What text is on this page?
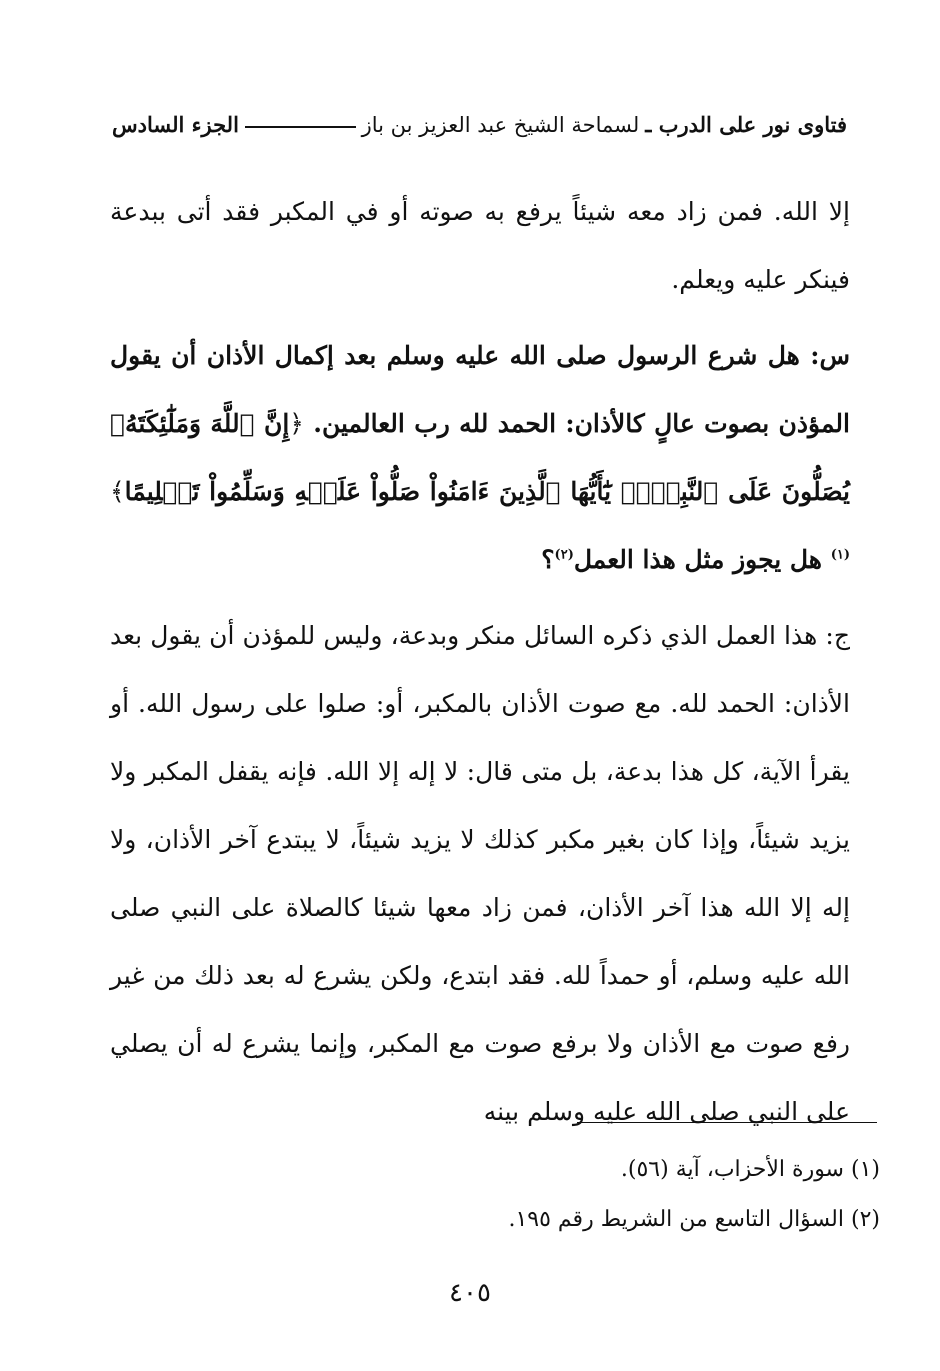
فتاوى نور على الدرب ـ
لسماحة الشيخ عبد العزيز بن باز
الجزء السادس

إلا الله. فمن زاد معه شيئاً يرفع به صوته أو في المكبر فقد أتى ببدعة فينكر عليه ويعلم.

س: هل شرع الرسول صلى الله عليه وسلم بعد إكمال الأذان أن يقول المؤذن بصوت عالٍ كالأذان: الحمد لله رب العالمين. ﴿إِنَّ ٱللَّهَ وَمَلَٰٓئِكَتَهُۥ يُصَلُّونَ عَلَى ٱلنَّبِيِّۚ يَٰٓأَيُّهَا ٱلَّذِينَ ءَامَنُواْ صَلُّواْ عَلَيۡهِ وَسَلِّمُواْ تَسۡلِيمًا﴾$^{(١)}$ هل يجوز مثل هذا العمل$^{(٢)}$؟

ج: هذا العمل الذي ذكره السائل منكر وبدعة، وليس للمؤذن أن يقول بعد الأذان: الحمد لله. مع صوت الأذان بالمكبر، أو: صلوا على رسول الله. أو يقرأ الآية، كل هذا بدعة، بل متى قال: لا إله إلا الله. فإنه يقفل المكبر ولا يزيد شيئاً، وإذا كان بغير مكبر كذلك لا يزيد شيئاً، لا يبتدع آخر الأذان، ولا إله إلا الله هذا آخر الأذان، فمن زاد معها شيئا كالصلاة على النبي صلى الله عليه وسلم، أو حمداً لله. فقد ابتدع، ولكن يشرع له بعد ذلك من غير رفع صوت مع الأذان ولا برفع صوت مع المكبر، وإنما يشرع له أن يصلي على النبي صلى الله عليه وسلم بينه

(١) سورة الأحزاب، آية (٥٦).

(٢) السؤال التاسع من الشريط رقم ١٩٥.

٤٠٥
